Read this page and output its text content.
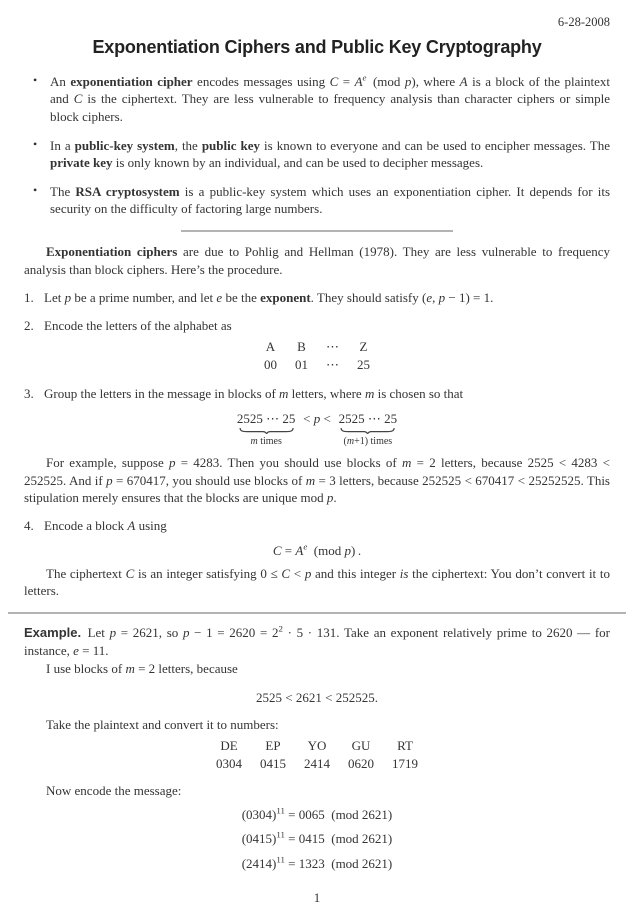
6-28-2008
Exponentiation Ciphers and Public Key Cryptography
• An exponentiation cipher encodes messages using $C = A^e$ (mod p), where A is a block of the plaintext and C is the ciphertext. They are less vulnerable to frequency analysis than character ciphers or simple block ciphers.
• In a public-key system, the public key is known to everyone and can be used to encipher messages. The private key is only known by an individual, and can be used to decipher messages.
• The RSA cryptosystem is a public-key system which uses an exponentiation cipher. It depends for its security on the difficulty of factoring large numbers.
Exponentiation ciphers are due to Pohlig and Hellman (1978). They are less vulnerable to frequency analysis than block ciphers. Here’s the procedure.
1. Let p be a prime number, and let e be the exponent. They should satisfy (e, p − 1) = 1.
2. Encode the letters of the alphabet as
A	B	⋯	Z
00	01	⋯	25
3. Group the letters in the message in blocks of m letters, where m is chosen so that
2525 ⋯ 25
m times
< p < 2525 ⋯ 25
(m+1) times
For example, suppose p = 4283. Then you should use blocks of m = 2 letters, because 2525 < 4283 < 252525. And if p = 670417, you should use blocks of m = 3 letters, because 252525 < 670417 < 25252525. This stipulation merely ensures that the blocks are unique mod p.
4. Encode a block A using
$C = A^e$ (mod p) .
The ciphertext C is an integer satisfying 0 ≤ C < p and this integer is the ciphertext: You don’t convert it to letters.
Example. Let p = 2621, so $p - 1 = 2620 = 2^2 \cdot 5 \cdot 131$. Take an exponent relatively prime to 2620 — for instance, e = 11.
I use blocks of m = 2 letters, because
2525 < 2621 < 252525.
Take the plaintext and convert it to numbers:
DE	EP	YO	GU	RT
0304	0415	2414	0620	1719
Now encode the message:
$(0304)^{11} = 0065$ (mod 2621)
$(0415)^{11} = 0415$ (mod 2621)
$(2414)^{11} = 1323$ (mod 2621)
1
